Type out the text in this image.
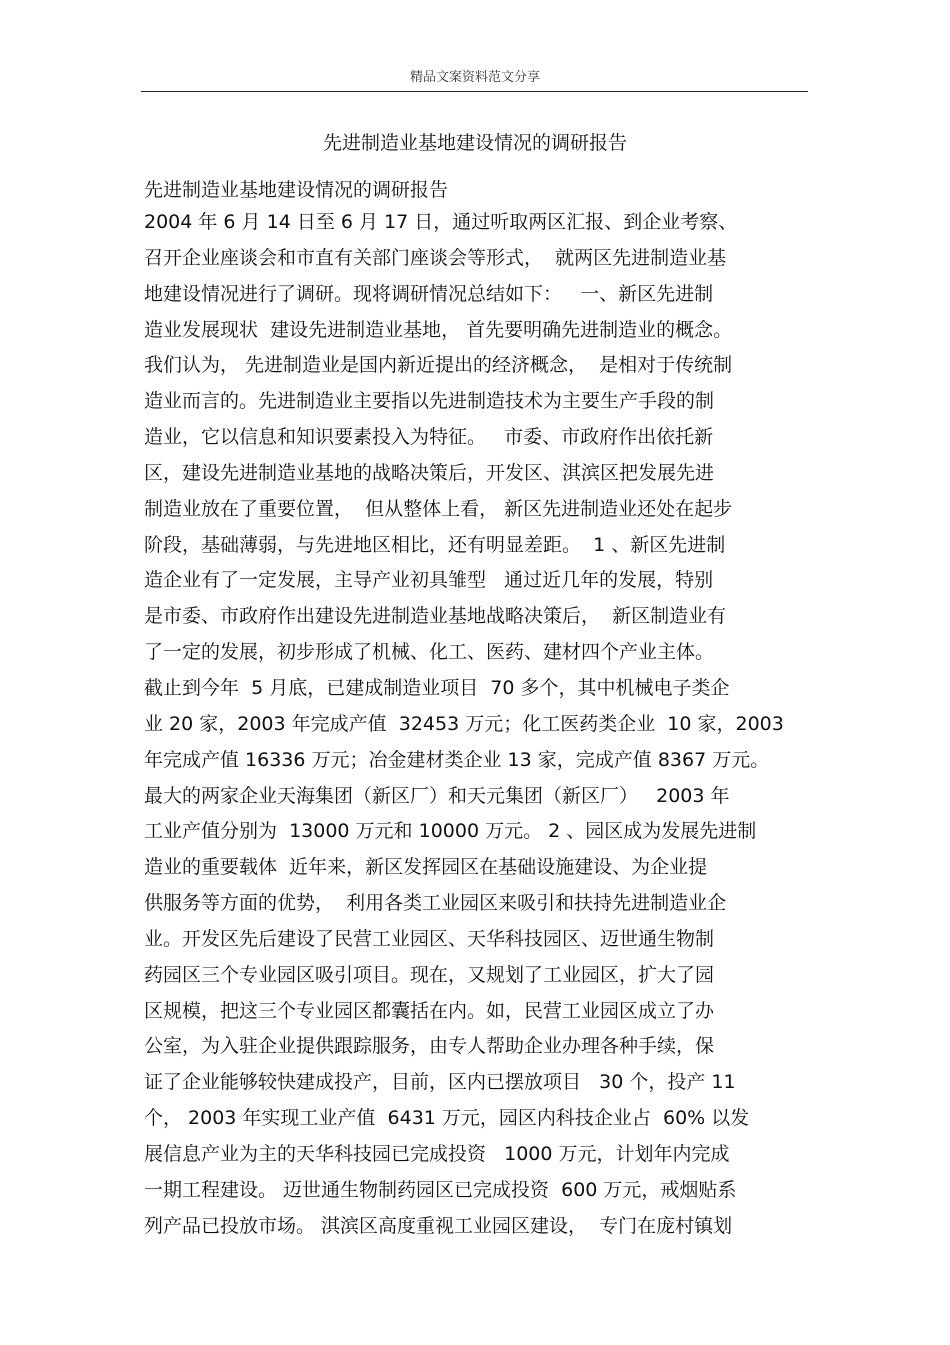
精品文案资料范文分享
先进制造业基地建设情况的调研报告
先进制造业基地建设情况的调研报告
2004 年 6 月 14 日至 6 月 17 日，通过听取两区汇报、到企业考察、
召开企业座谈会和市直有关部门座谈会等形式，  就两区先进制造业基
地建设情况进行了调研。现将调研情况总结如下：   一、新区先进制
造业发展现状  建设先进制造业基地， 首先要明确先进制造业的概念。
我们认为， 先进制造业是国内新近提出的经济概念，  是相对于传统制
造业而言的。先进制造业主要指以先进制造技术为主要生产手段的制
造业，它以信息和知识要素投入为特征。   市委、市政府作出依托新
区，建设先进制造业基地的战略决策后，开发区、淇滨区把发展先进
制造业放在了重要位置，  但从整体上看， 新区先进制造业还处在起步
阶段，基础薄弱，与先进地区相比，还有明显差距。  1 、新区先进制
造企业有了一定发展，主导产业初具雏型   通过近几年的发展，特别
是市委、市政府作出建设先进制造业基地战略决策后，  新区制造业有
了一定的发展，初步形成了机械、化工、医药、建材四个产业主体。
截止到今年  5 月底，已建成制造业项目  70 多个，其中机械电子类企
业 20 家，2003 年完成产值  32453 万元；化工医药类企业  10 家，2003
年完成产值 16336 万元；冶金建材类企业 13 家，完成产值 8367 万元。
最大的两家企业天海集团（新区厂）和天元集团（新区厂）   2003 年
工业产值分别为  13000 万元和 10000 万元。 2 、园区成为发展先进制
造业的重要载体  近年来，新区发挥园区在基础设施建设、为企业提
供服务等方面的优势，  利用各类工业园区来吸引和扶持先进制造业企
业。开发区先后建设了民营工业园区、天华科技园区、迈世通生物制
药园区三个专业园区吸引项目。现在，又规划了工业园区，扩大了园
区规模，把这三个专业园区都囊括在内。如，民营工业园区成立了办
公室，为入驻企业提供跟踪服务，由专人帮助企业办理各种手续，保
证了企业能够较快建成投产，目前，区内已摆放项目   30 个，投产 11
个， 2003 年实现工业产值  6431 万元，园区内科技企业占  60% 以发
展信息产业为主的天华科技园已完成投资   1000 万元，计划年内完成
一期工程建设。 迈世通生物制药园区已完成投资  600 万元，戒烟贴系
列产品已投放市场。 淇滨区高度重视工业园区建设，  专门在庞村镇划
